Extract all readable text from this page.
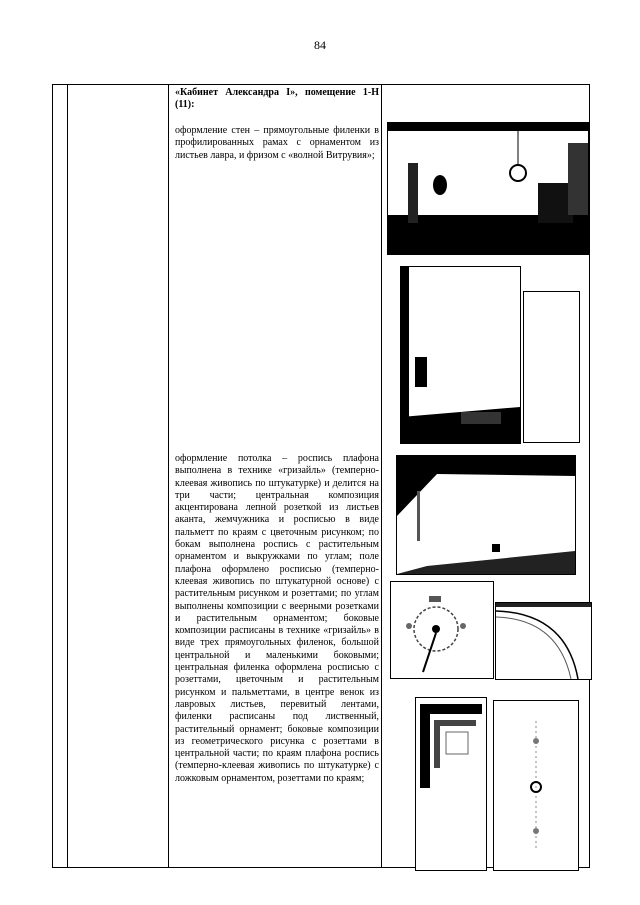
84
«Кабинет Александра I», помещение 1-Н (11):
оформление стен – прямоугольные филенки в профилированных рамах с орнаментом из листьев лавра, и фризом с «волной Витрувия»;
оформление потолка – роспись плафона выполнена в технике «гризайль» (темперно-клеевая живопись по штукатурке) и делится на три части; центральная композиция акцентирована лепной розеткой из листьев аканта, жемчужника и росписью в виде пальметт по краям с цветочным рисунком; по бокам выполнена роспись с растительным орнаментом и выкружками по углам; поле плафона оформлено росписью (темперно-клеевая живопись по штукатурной основе) с растительным рисунком и розеттами; по углам выполнены композиции с веерными розетками и растительным орнаментом; боковые композиции расписаны в технике «гризайль» в виде трех прямоугольных филенок, большой центральной и маленькими боковыми; центральная филенка оформлена росписью с розеттами, цветочным и растительным рисунком и пальметтами, в центре венок из лавровых листьев, перевитый лентами, филенки расписаны под лиственный, растительный орнамент; боковые композиции из геометрического рисунка с розеттами в центральной части; по краям плафона роспись (темперно-клеевая живопись по штукатурке) с ложковым орнаментом, розеттами по краям;
